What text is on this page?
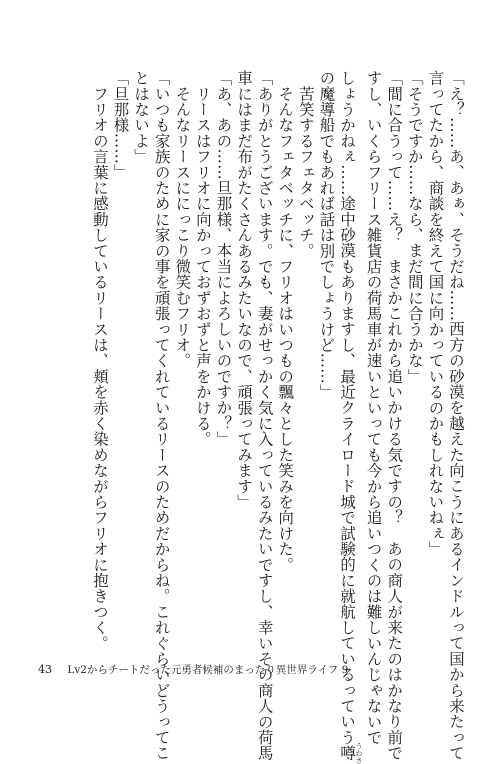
「え？……あ、あぁ、そうだね……西方の砂漠を越えた向こうにあるインドルって国から来たって
言ってたから、商談を終えて国に向かっているのかもしれないねぇ」
「そうですか……なら、まだ間に合うかな」
「間に合うって……え？　まさかこれから追いかける気ですの？　あの商人が来たのはかなり前で
すし、いくらフリース雑貨店の荷馬車が速いといっても今から追いつくのは難しいんじゃないで
しょうかねぇ……途中砂漠もありますし、最近クライロード城で試験的に就航しているっていう噂 うわさ
の魔導船でもあれば話は別でしょうけど……」
　苦笑するフェタベッチ。
　そんなフェタベッチに、フリオはいつもの飄々とした笑みを向けた。
「ありがとうございます。でも、妻がせっかく気に入っているみたいですし、幸いその商人の荷馬
車にはまだ布がたくさんあるみたいなので、頑張ってみます」
「あ、あの……旦那様、本当によろしいのですか？」
　リースはフリオに向かっておずおずと声をかける。
　そんなリースににっこり微笑むフリオ。
「いつも家族のために家の事を頑張ってくれているリースのためだからね。これぐらいどうってこ
とはないよ」
「旦那様……」
　フリオの言葉に感動しているリースは、頬を赤く染めながらフリオに抱きつく。
43 Lv2からチートだった元勇者候補のまったり異世界ライフ 9
